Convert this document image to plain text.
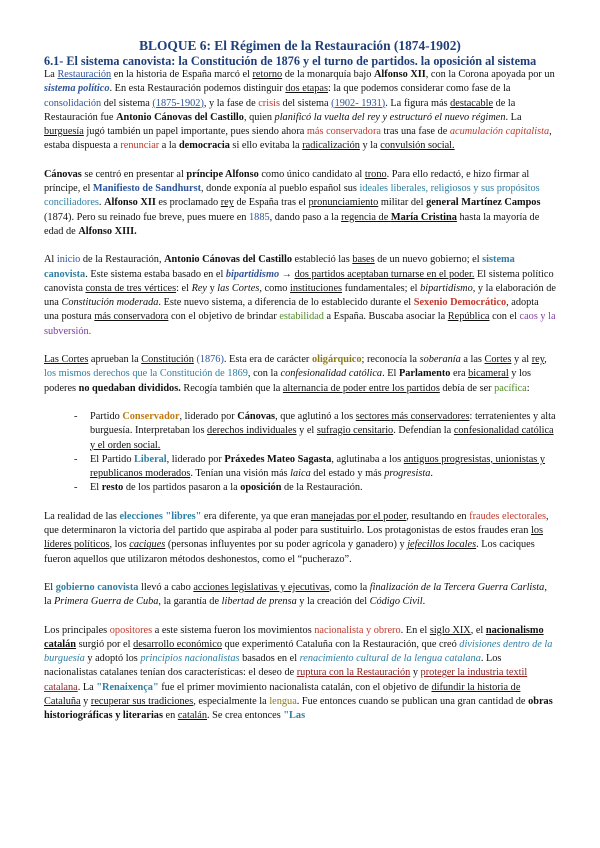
BLOQUE 6: El Régimen de la Restauración (1874-1902)
6.1- El sistema canovista: la Constitución de 1876 y el turno de partidos. la oposición al sistema

La Restauración en la historia de España marcó el retorno de la monarquía bajo Alfonso XII, con la Corona apoyada por un sistema político. En esta Restauración podemos distinguir dos etapas: la que podemos considerar como fase de la consolidación del sistema (1875-1902), y la fase de crisis del sistema (1902- 1931). La figura más destacable de la Restauración fue Antonio Cánovas del Castillo, quien planificó la vuelta del rey y estructuró el nuevo régimen. La burguesía jugó también un papel importante, pues siendo ahora más conservadora tras una fase de acumulación capitalista, estaba dispuesta a renunciar a la democracia si ello evitaba la radicalización y la convulsión social.

Cánovas se centró en presentar al príncipe Alfonso como único candidato al trono. Para ello redactó, e hizo firmar al príncipe, el Manifiesto de Sandhurst, donde exponía al pueblo español sus ideales liberales, religiosos y sus propósitos conciliadores. Alfonso XII es proclamado rey de España tras el pronunciamiento militar del general Martínez Campos (1874). Pero su reinado fue breve, pues muere en 1885, dando paso a la regencia de María Cristina hasta la mayoría de edad de Alfonso XIII.

Al inicio de la Restauración, Antonio Cánovas del Castillo estableció las bases de un nuevo gobierno; el sistema canovista. Este sistema estaba basado en el bipartidismo → dos partidos aceptaban turnarse en el poder. El sistema político canovista consta de tres vértices: el Rey y las Cortes, como instituciones fundamentales; el bipartidismo, y la elaboración de una Constitución moderada. Este nuevo sistema, a diferencia de lo establecido durante el Sexenio Democrático, adopta una postura más conservadora con el objetivo de brindar estabilidad a España. Buscaba asociar la República con el caos y la subversión.

Las Cortes aprueban la Constitución (1876). Esta era de carácter oligárquico; reconocía la soberanía a las Cortes y al rey, los mismos derechos que la Constitución de 1869, con la confesionalidad católica. El Parlamento era bicameral y los poderes no quedaban divididos. Recogía también que la alternancia de poder entre los partidos debía de ser pacífica:

- Partido Conservador, liderado por Cánovas, que aglutinó a los sectores más conservadores: terratenientes y alta burguesía. Interpretaban los derechos individuales y el sufragio censitario. Defendían la confesionalidad católica y el orden social.
- El Partido Liberal, liderado por Práxedes Mateo Sagasta, aglutinaba a los antiguos progresistas, unionistas y republicanos moderados. Tenían una visión más laica del estado y más progresista.
- El resto de los partidos pasaron a la oposición de la Restauración.

La realidad de las elecciones "libres" era diferente, ya que eran manejadas por el poder, resultando en fraudes electorales, que determinaron la victoria del partido que aspiraba al poder para sustituirlo. Los protagonistas de estos fraudes eran los líderes políticos, los caciques (personas influyentes por su poder agrícola y ganadero) y jefecillos locales. Los caciques fueron aquellos que utilizaron métodos deshonestos, como el “pucherazo”.

El gobierno canovista llevó a cabo acciones legislativas y ejecutivas, como la finalización de la Tercera Guerra Carlista, la Primera Guerra de Cuba, la garantía de libertad de prensa y la creación del Código Civil.

Los principales opositores a este sistema fueron los movimientos nacionalista y obrero. En el siglo XIX, el nacionalismo catalán surgió por el desarrollo económico que experimentó Cataluña con la Restauración, que creó divisiones dentro de la burguesía y adoptó los principios nacionalistas basados en el renacimiento cultural de la lengua catalana. Los nacionalistas catalanes tenían dos características: el deseo de ruptura con la Restauración y proteger la industria textil catalana. La "Renaixença" fue el primer movimiento nacionalista catalán, con el objetivo de difundir la historia de Cataluña y recuperar sus tradiciones, especialmente la lengua. Fue entonces cuando se publican una gran cantidad de obras historiográficas y literarias en catalán. Se crea entonces "Las
